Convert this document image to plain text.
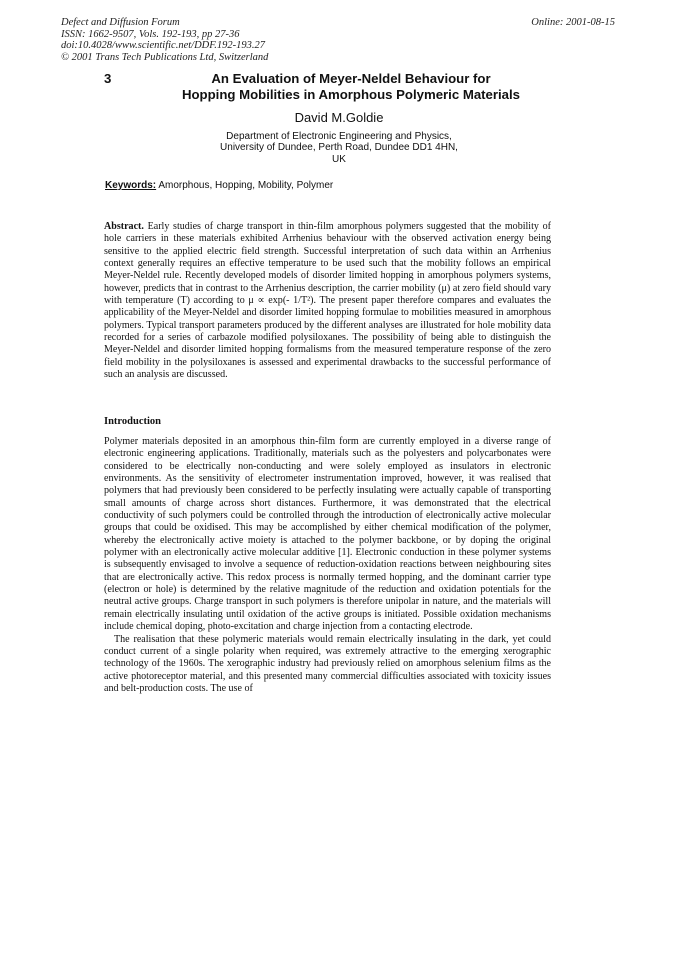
Defect and Diffusion Forum
ISSN: 1662-9507, Vols. 192-193, pp 27-36
doi:10.4028/www.scientific.net/DDF.192-193.27
© 2001 Trans Tech Publications Ltd, Switzerland
Online: 2001-08-15
3	An Evaluation of Meyer-Neldel Behaviour for
Hopping Mobilities in Amorphous Polymeric Materials
David M.Goldie
Department of Electronic Engineering and Physics,
University of Dundee, Perth Road, Dundee DD1 4HN,
UK
Keywords: Amorphous, Hopping, Mobility, Polymer
Abstract. Early studies of charge transport in thin-film amorphous polymers suggested that the mobility of hole carriers in these materials exhibited Arrhenius behaviour with the observed activation energy being sensitive to the applied electric field strength. Successful interpretation of such data within an Arrhenius context generally requires an effective temperature to be used such that the mobility follows an empirical Meyer-Neldel rule. Recently developed models of disorder limited hopping in amorphous polymers systems, however, predicts that in contrast to the Arrhenius description, the carrier mobility (μ) at zero field should vary with temperature (T) according to μ ∝ exp(- 1/T²). The present paper therefore compares and evaluates the applicability of the Meyer-Neldel and disorder limited hopping formulae to mobilities measured in amorphous polymers. Typical transport parameters produced by the different analyses are illustrated for hole mobility data recorded for a series of carbazole modified polysiloxanes. The possibility of being able to distinguish the Meyer-Neldel and disorder limited hopping formalisms from the measured temperature response of the zero field mobility in the polysiloxanes is assessed and experimental drawbacks to the successful performance of such an analysis are discussed.
Introduction
Polymer materials deposited in an amorphous thin-film form are currently employed in a diverse range of electronic engineering applications. Traditionally, materials such as the polyesters and polycarbonates were considered to be electrically non-conducting and were solely employed as insulators in electronic environments. As the sensitivity of electrometer instrumentation improved, however, it was realised that polymers that had previously been considered to be perfectly insulating were actually capable of transporting small amounts of charge across short distances. Furthermore, it was demonstrated that the electrical conductivity of such polymers could be controlled through the introduction of electronically active molecular groups that could be oxidised. This may be accomplished by either chemical modification of the polymer, whereby the electronically active moiety is attached to the polymer backbone, or by doping the original polymer with an electronically active molecular additive [1]. Electronic conduction in these polymer systems is subsequently envisaged to involve a sequence of reduction-oxidation reactions between neighbouring sites that are electronically active. This redox process is normally termed hopping, and the dominant carrier type (electron or hole) is determined by the relative magnitude of the reduction and oxidation potentials for the neutral active groups. Charge transport in such polymers is therefore unipolar in nature, and the materials will remain electrically insulating until oxidation of the active groups is initiated. Possible oxidation mechanisms include chemical doping, photo-excitation and charge injection from a contacting electrode.
The realisation that these polymeric materials would remain electrically insulating in the dark, yet could conduct current of a single polarity when required, was extremely attractive to the emerging xerographic technology of the 1960s. The xerographic industry had previously relied on amorphous selenium films as the active photoreceptor material, and this presented many commercial difficulties associated with toxicity issues and belt-production costs. The use of
